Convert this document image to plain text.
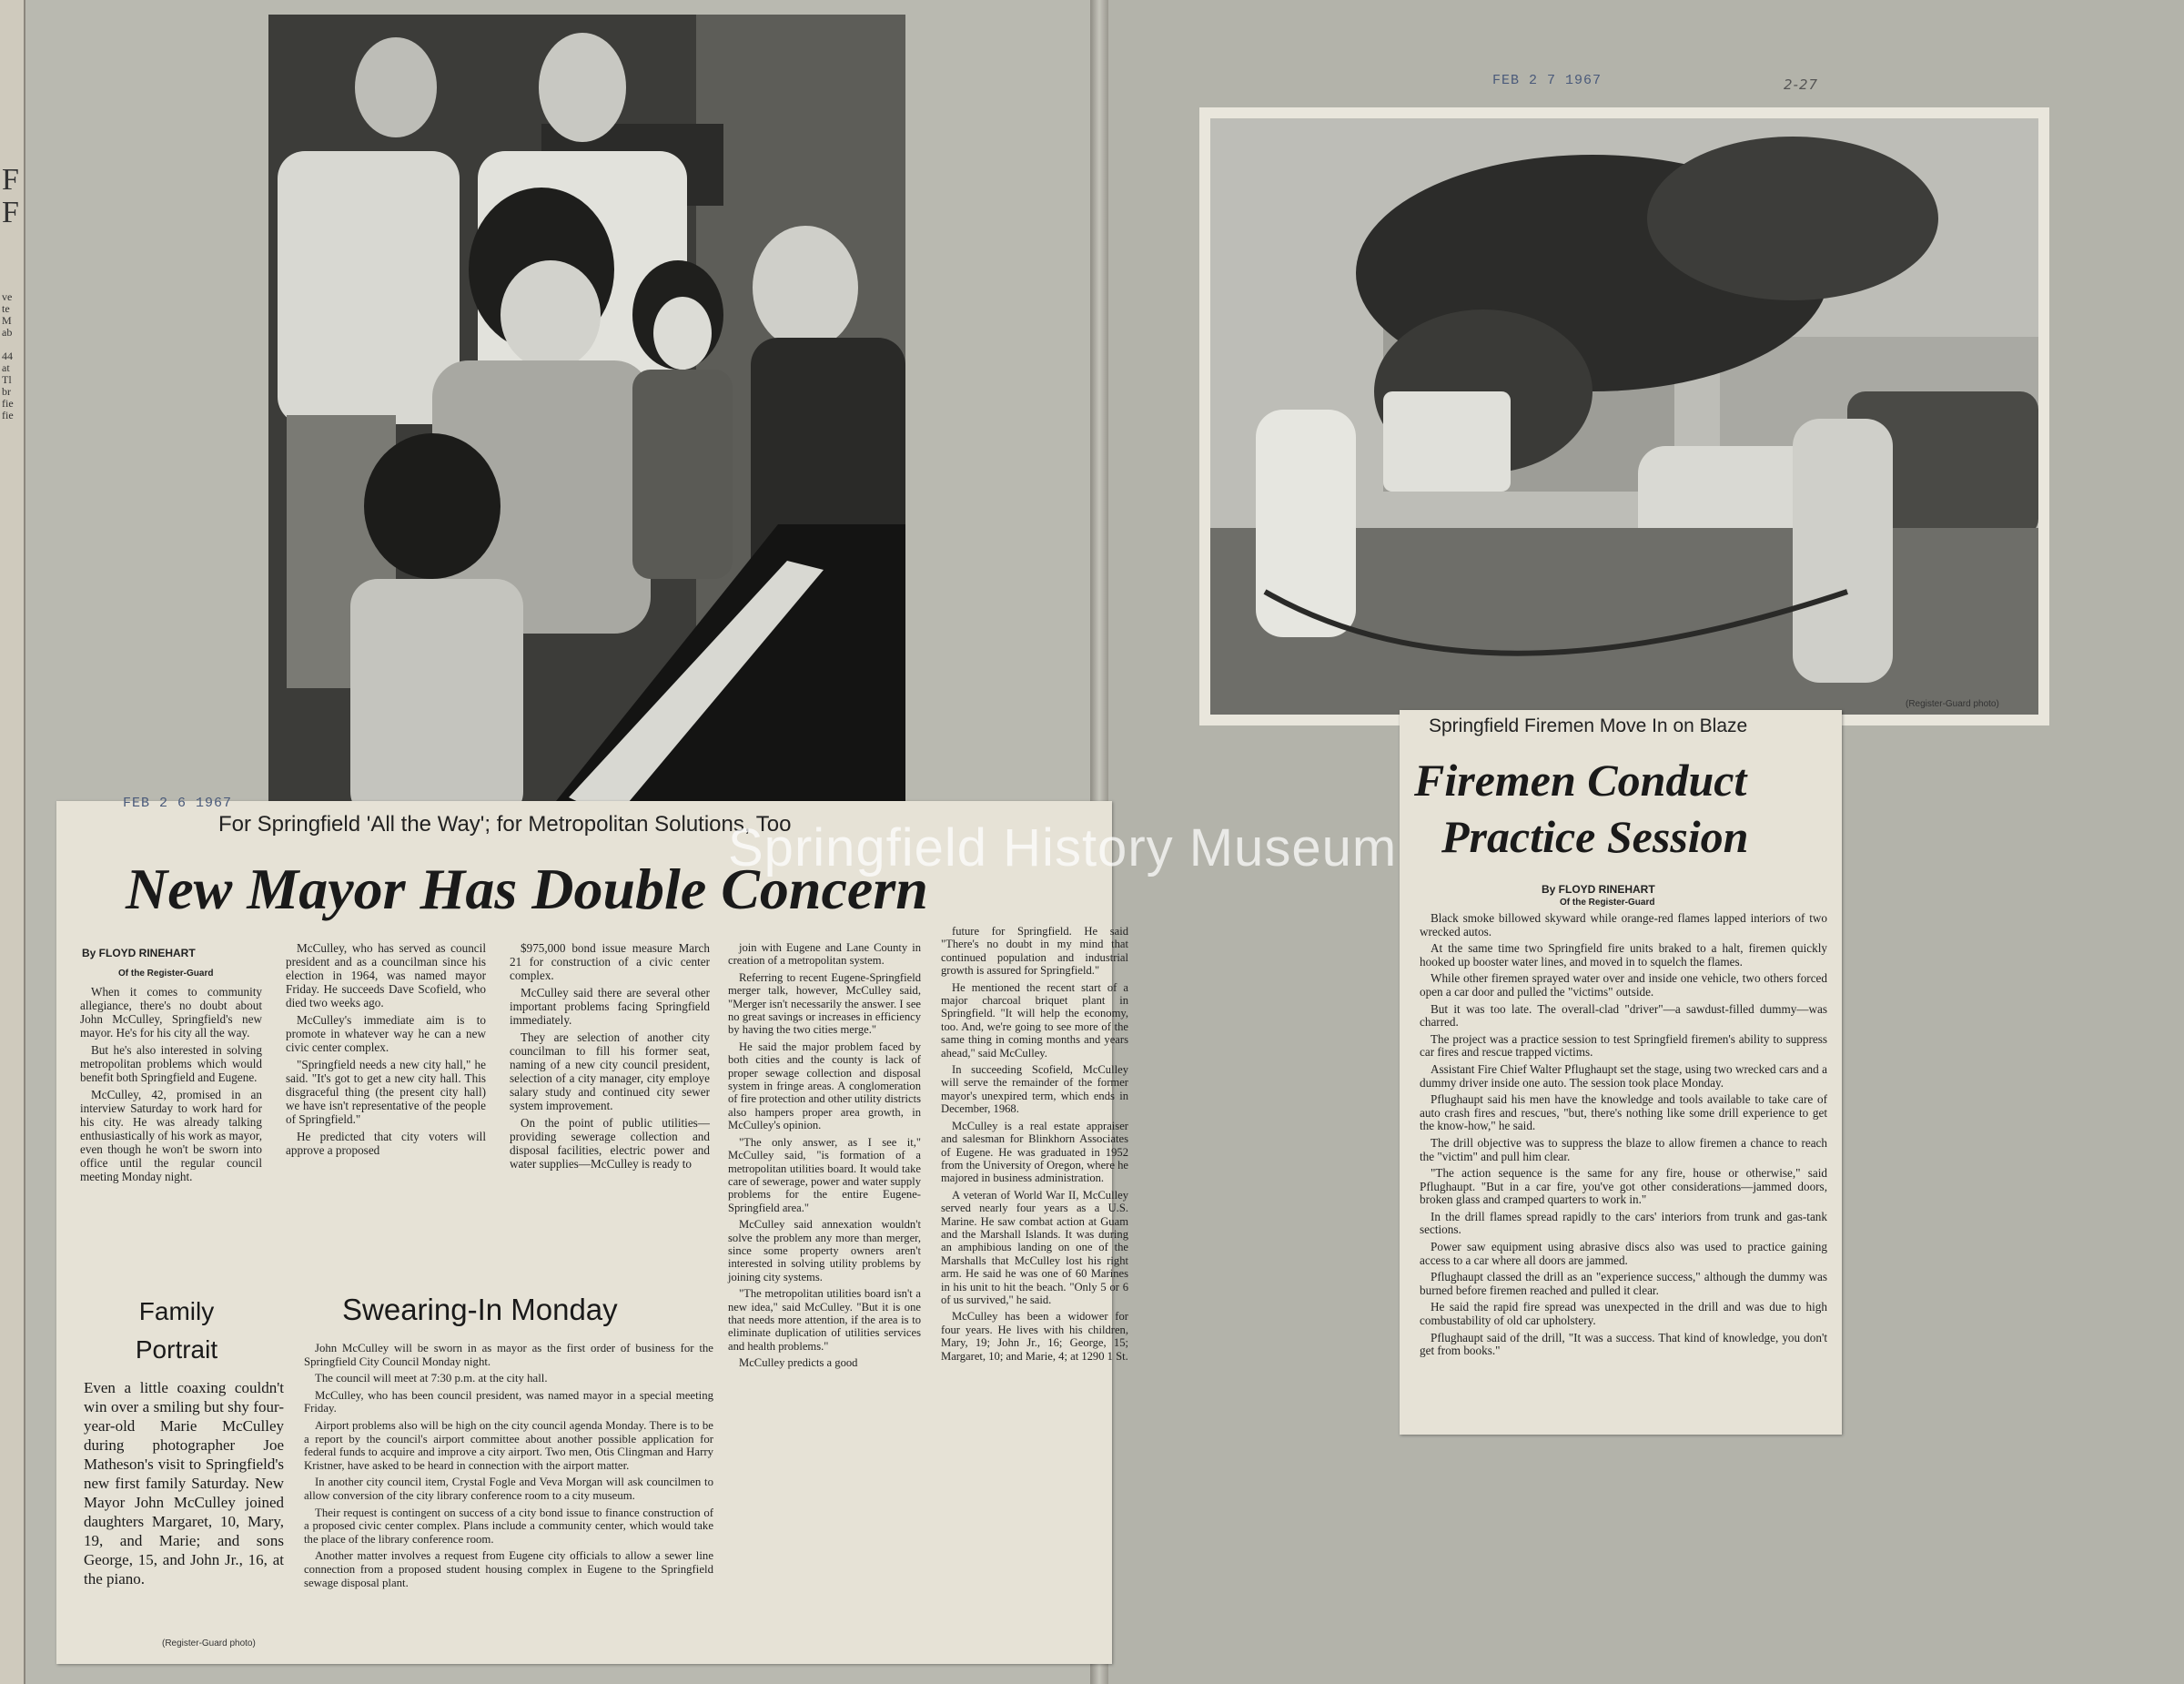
F
F
ve
te
M
ab

44
at
Tl
br
fie
fie
FEB 2 6 1967
For Springfield 'All the Way'; for Metropolitan Solutions, Too
New Mayor Has Double Concern
By FLOYD RINEHART
Of the Register-Guard

When it comes to community allegiance, there's no doubt about John McCulley, Springfield's new mayor. He's for his city all the way.

But he's also interested in solving metropolitan problems which would benefit both Springfield and Eugene.

McCulley, 42, promised in an interview Saturday to work hard for his city. He was already talking enthusiastically of his work as mayor, even though he won't be sworn into office until the regular council meeting Monday night.

McCulley, who has served as council president and as a councilman since his election in 1964, was named mayor Friday. He succeeds Dave Scofield, who died two weeks ago.

McCulley's immediate aim is to promote in whatever way he can a new civic center complex.

"Springfield needs a new city hall," he said. "It's got to get a new city hall. This disgraceful thing (the present city hall) we have isn't representative of the people of Springfield."

He predicted that city voters will approve a proposed

$975,000 bond issue measure March 21 for construction of a civic center complex.

McCulley said there are several other important problems facing Springfield immediately.

They are selection of another city councilman to fill his former seat, naming of a new city council president, selection of a city manager, city employe salary study and continued city sewer system improvement.

On the point of public utilities—providing sewerage collection and disposal facilities, electric power and water supplies—McCulley is ready to

join with Eugene and Lane County in creation of a metropolitan system.

Referring to recent Eugene-Springfield merger talk, however, McCulley said, "Merger isn't necessarily the answer. I see no great savings or increases in efficiency by having the two cities merge."

He said the major problem faced by both cities and the county is lack of proper sewage collection and disposal system in fringe areas. A conglomeration of fire protection and other utility districts also hampers proper area growth, in McCulley's opinion.

"The only answer, as I see it," McCulley said, "is formation of a metropolitan utilities board. It would take care of sewerage, power and water supply problems for the entire Eugene-Springfield area."

McCulley said annexation wouldn't solve the problem any more than merger, since some property owners aren't interested in solving utility problems by joining city systems.

"The metropolitan utilities board isn't a new idea," said McCulley. "But it is one that needs more attention, if the area is to eliminate duplication of utilities services and health problems."

McCulley predicts a good

future for Springfield. He said "There's no doubt in my mind that continued population and industrial growth is assured for Springfield."

He mentioned the recent start of a major charcoal briquet plant in Springfield. "It will help the economy, too. And, we're going to see more of the same thing in coming months and years ahead," said McCulley.

In succeeding Scofield, McCulley will serve the remainder of the former mayor's unexpired term, which ends in December, 1968.

McCulley is a real estate appraiser and salesman for Blinkhorn Associates of Eugene. He was graduated in 1952 from the University of Oregon, where he majored in business administration.

A veteran of World War II, McCulley served nearly four years as a U.S. Marine. He saw combat action at Guam and the Marshall Islands. It was during an amphibious landing on one of the Marshalls that McCulley lost his right arm. He said he was one of 60 Marines in his unit to hit the beach. "Only 5 or 6 of us survived," he said.

McCulley has been a widower for four years. He lives with his children, Mary, 19; John Jr., 16; George, 15; Margaret, 10; and Marie, 4; at 1290 1 St.

Family
Portrait
Even a little coaxing couldn't win over a smiling but shy four-year-old Marie McCulley during photographer Joe Matheson's visit to Springfield's new first family Saturday. New Mayor John McCulley joined daughters Margaret, 10, Mary, 19, and Marie; and sons George, 15, and John Jr., 16, at the piano.
(Register-Guard photo)
Swearing-In Monday

John McCulley will be sworn in as mayor as the first order of business for the Springfield City Council Monday night.

The council will meet at 7:30 p.m. at the city hall.

McCulley, who has been council president, was named mayor in a special meeting Friday.

Airport problems also will be high on the city council agenda Monday. There is to be a report by the council's airport committee about another possible application for federal funds to acquire and improve a city airport. Two men, Otis Clingman and Harry Kristner, have asked to be heard in connection with the airport matter.

In another city council item, Crystal Fogle and Veva Morgan will ask councilmen to allow conversion of the city library conference room to a city museum.

Their request is contingent on success of a city bond issue to finance construction of a proposed civic center complex. Plans include a community center, which would take the place of the library conference room.

Another matter involves a request from Eugene city officials to allow a sewer line connection from a proposed student housing complex in Eugene to the Springfield sewage disposal plant.

FEB 2 7 1967	2-27
(Register-Guard photo)
Springfield Firemen Move In on Blaze
Firemen Conduct
Practice Session
By FLOYD RINEHART
Of the Register-Guard

Black smoke billowed skyward while orange-red flames lapped interiors of two wrecked autos.

At the same time two Springfield fire units braked to a halt, firemen quickly hooked up booster water lines, and moved in to squelch the flames.

While other firemen sprayed water over and inside one vehicle, two others forced open a car door and pulled the "victims" outside.

But it was too late. The overall-clad "driver"—a sawdust-filled dummy—was charred.

The project was a practice session to test Springfield firemen's ability to suppress car fires and rescue trapped victims.

Assistant Fire Chief Walter Pflughaupt set the stage, using two wrecked cars and a dummy driver inside one auto. The session took place Monday.

Pflughaupt said his men have the knowledge and tools available to take care of auto crash fires and rescues, "but, there's nothing like some drill experience to get the know-how," he said.

The drill objective was to suppress the blaze to allow firemen a chance to reach the "victim" and pull him clear.

"The action sequence is the same for any fire, house or otherwise," said Pflughaupt. "But in a car fire, you've got other considerations—jammed doors, broken glass and cramped quarters to work in."

In the drill flames spread rapidly to the cars' interiors from trunk and gas-tank sections.

Power saw equipment using abrasive discs also was used to practice gaining access to a car where all doors are jammed.

Pflughaupt classed the drill as an "experience success," although the dummy was burned before firemen reached and pulled it clear.

He said the rapid fire spread was unexpected in the drill and was due to high combustability of old car upholstery.

Pflughaupt said of the drill, "It was a success. That kind of knowledge, you don't get from books."

Springfield History Museum
